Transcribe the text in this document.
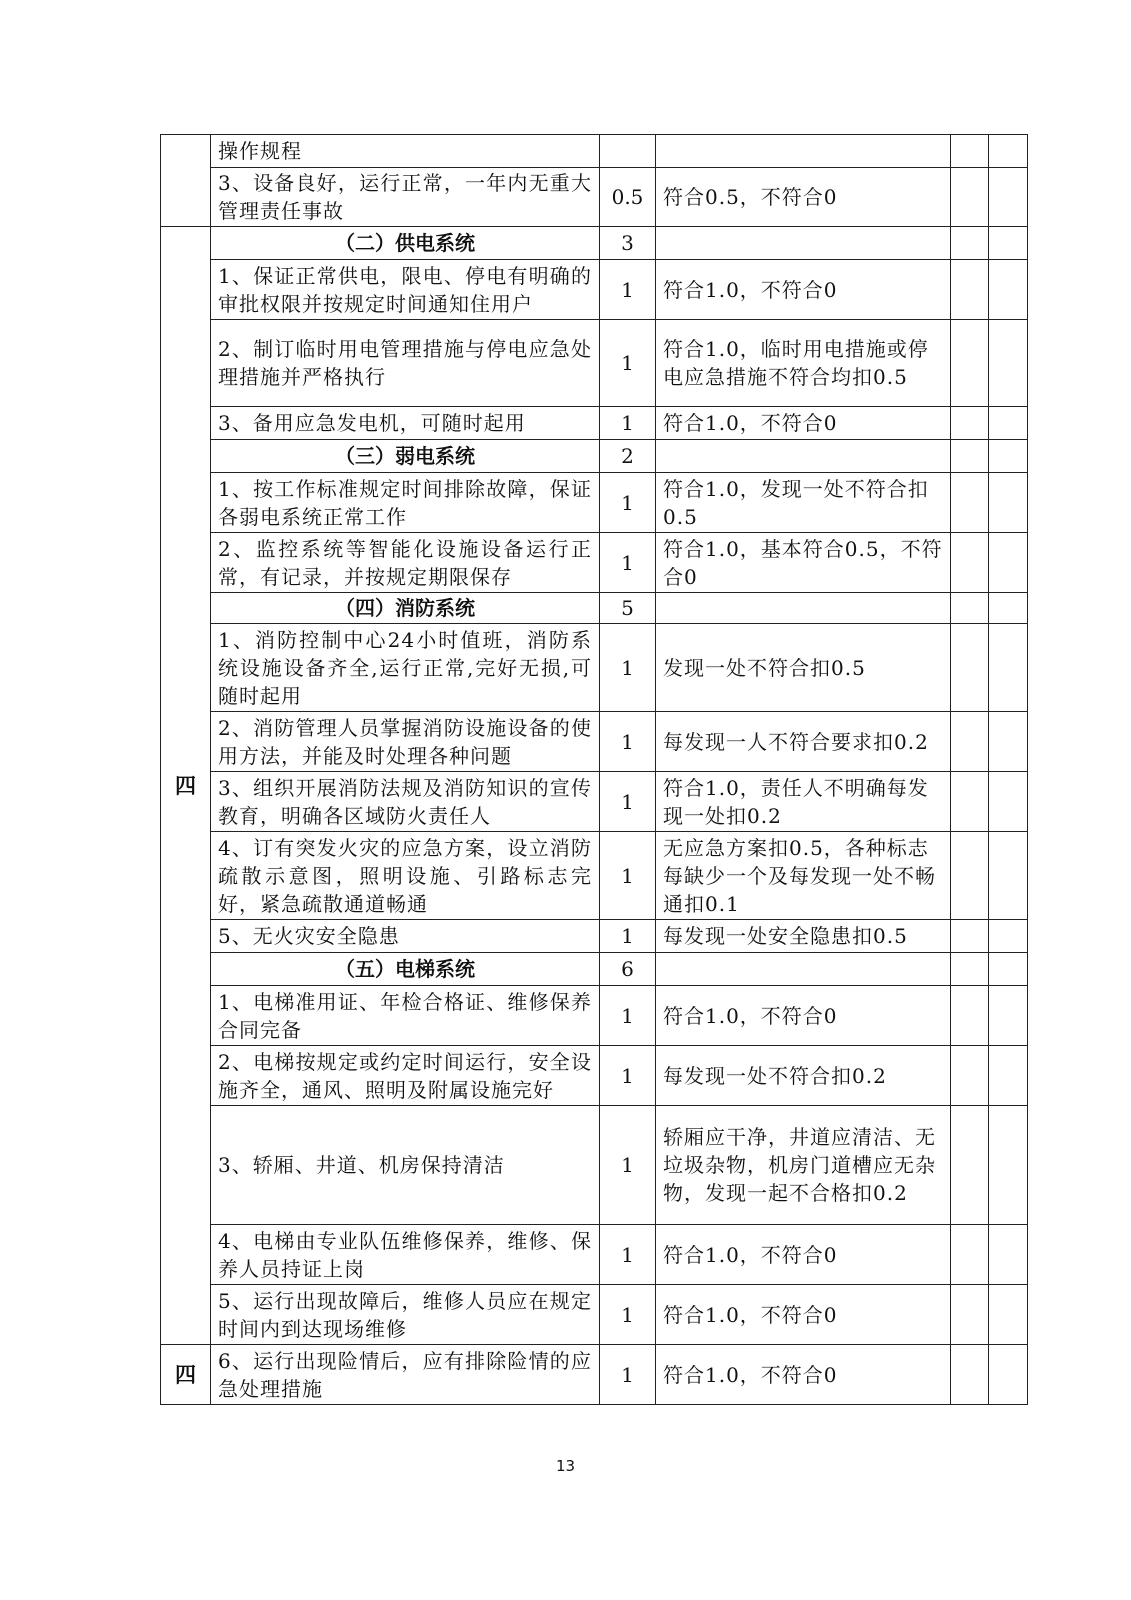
	操作规程				
	3、设备良好，运行正常，一年内无重大管理责任事故	0.5	符合0.5，不符合0		
四	（二）供电系统	3			
	1、保证正常供电，限电、停电有明确的审批权限并按规定时间通知住用户	1	符合1.0，不符合0		
	2、制订临时用电管理措施与停电应急处理措施并严格执行	1	符合1.0，临时用电措施或停电应急措施不符合均扣0.5		
	3、备用应急发电机，可随时起用	1	符合1.0，不符合0		
	（三）弱电系统	2			
	1、按工作标准规定时间排除故障，保证各弱电系统正常工作	1	符合1.0，发现一处不符合扣0.5		
	2、监控系统等智能化设施设备运行正常，有记录，并按规定期限保存	1	符合1.0，基本符合0.5，不符合0		
	（四）消防系统	5			
	1、消防控制中心24小时值班，消防系统设施设备齐全,运行正常,完好无损,可随时起用	1	发现一处不符合扣0.5		
	2、消防管理人员掌握消防设施设备的使用方法，并能及时处理各种问题	1	每发现一人不符合要求扣0.2		
	3、组织开展消防法规及消防知识的宣传教育，明确各区域防火责任人	1	符合1.0，责任人不明确每发现一处扣0.2		
	4、订有突发火灾的应急方案，设立消防疏散示意图，照明设施、引路标志完好，紧急疏散通道畅通	1	无应急方案扣0.5，各种标志每缺少一个及每发现一处不畅通扣0.1		
	5、无火灾安全隐患	1	每发现一处安全隐患扣0.5		
	（五）电梯系统	6			
	1、电梯准用证、年检合格证、维修保养合同完备	1	符合1.0，不符合0		
	2、电梯按规定或约定时间运行，安全设施齐全，通风、照明及附属设施完好	1	每发现一处不符合扣0.2		
	3、轿厢、井道、机房保持清洁	1	轿厢应干净，井道应清洁、无垃圾杂物，机房门道槽应无杂物，发现一起不合格扣0.2		
	4、电梯由专业队伍维修保养，维修、保养人员持证上岗	1	符合1.0，不符合0		
	5、运行出现故障后，维修人员应在规定时间内到达现场维修	1	符合1.0，不符合0		
四	6、运行出现险情后，应有排除险情的应急处理措施	1	符合1.0，不符合0		
13
